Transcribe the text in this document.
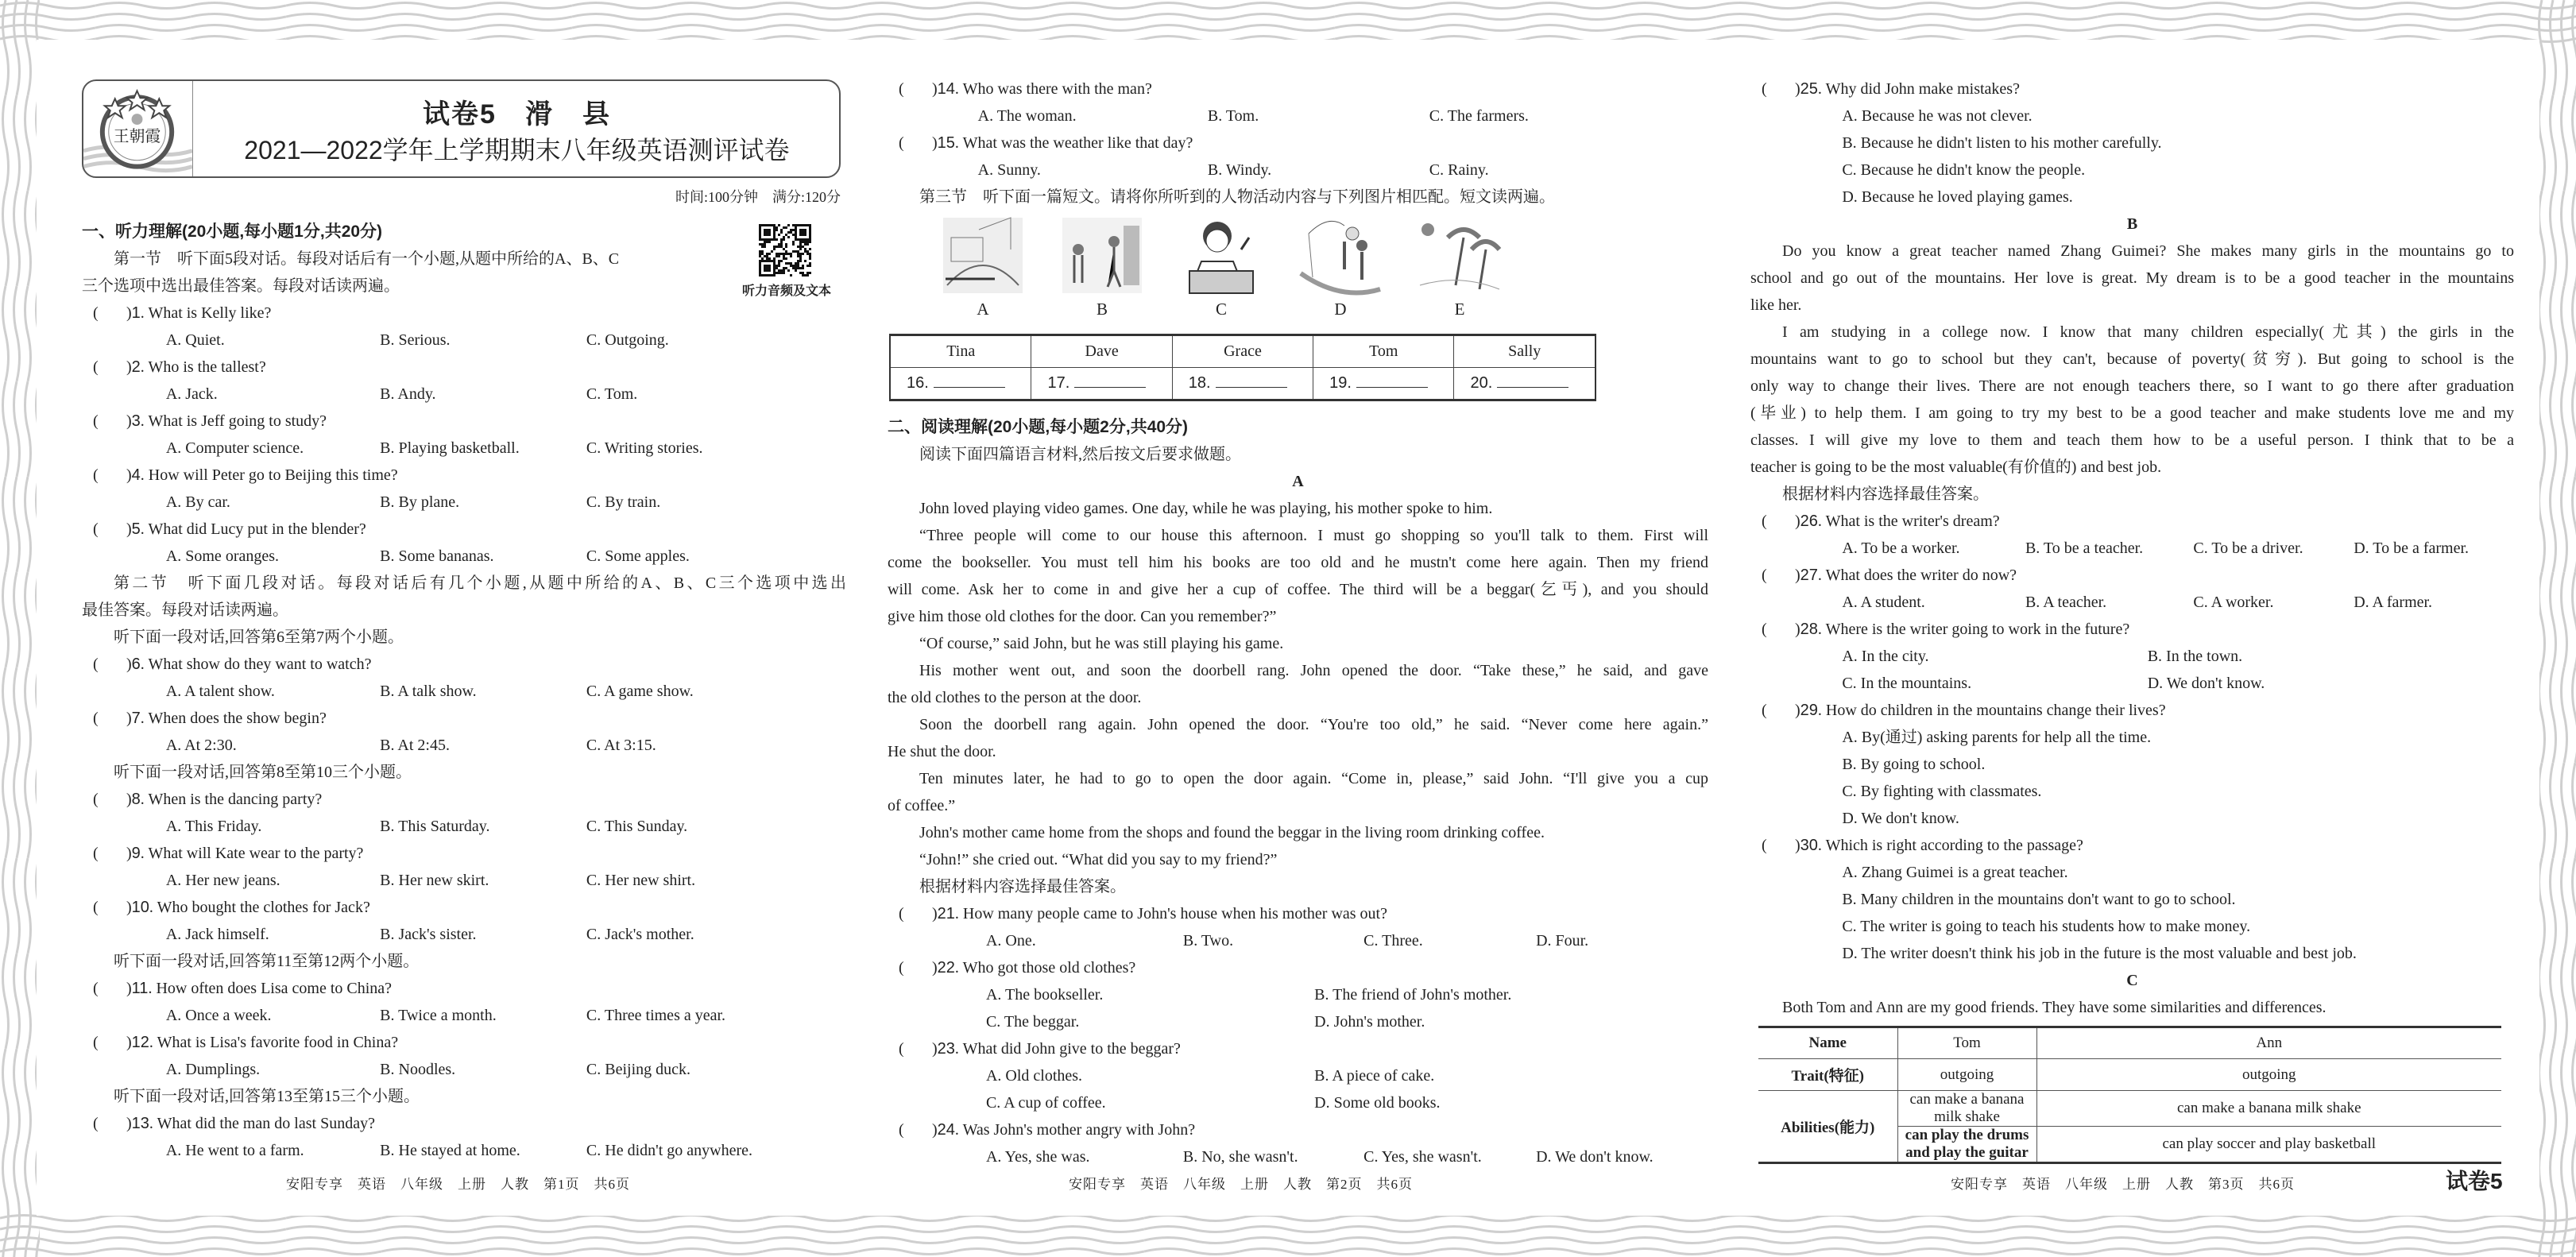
王朝霞
试卷5　滑　县
2021—2022学年上学期期末八年级英语测评试卷
时间:100分钟　满分:120分
听力音频及文本
一、听力理解(20小题,每小题1分,共20分)
第一节　听下面5段对话。每段对话后有一个小题,从题中所给的A、B、C
三个选项中选出最佳答案。每段对话读两遍。
( )1. What is Kelly like?
A. Quiet.	B. Serious.	C. Outgoing.
( )2. Who is the tallest?
A. Jack.	B. Andy.	C. Tom.
( )3. What is Jeff going to study?
A. Computer science.	B. Playing basketball.	C. Writing stories.
( )4. How will Peter go to Beijing this time?
A. By car.	B. By plane.	C. By train.
( )5. What did Lucy put in the blender?
A. Some oranges.	B. Some bananas.	C. Some apples.
第二节　听下面几段对话。每段对话后有几个小题,从题中所给的A、B、C三个选项中选出
最佳答案。每段对话读两遍。
听下面一段对话,回答第6至第7两个小题。
( )6. What show do they want to watch?
A. A talent show.	B. A talk show.	C. A game show.
( )7. When does the show begin?
A. At 2:30.	B. At 2:45.	C. At 3:15.
听下面一段对话,回答第8至第10三个小题。
( )8. When is the dancing party?
A. This Friday.	B. This Saturday.	C. This Sunday.
( )9. What will Kate wear to the party?
A. Her new jeans.	B. Her new skirt.	C. Her new shirt.
( )10. Who bought the clothes for Jack?
A. Jack himself.	B. Jack's sister.	C. Jack's mother.
听下面一段对话,回答第11至第12两个小题。
( )11. How often does Lisa come to China?
A. Once a week.	B. Twice a month.	C. Three times a year.
( )12. What is Lisa's favorite food in China?
A. Dumplings.	B. Noodles.	C. Beijing duck.
听下面一段对话,回答第13至第15三个小题。
( )13. What did the man do last Sunday?
A. He went to a farm.	B. He stayed at home.	C. He didn't go anywhere.
( )14. Who was there with the man?
A. The woman.	B. Tom.	C. The farmers.
( )15. What was the weather like that day?
A. Sunny.	B. Windy.	C. Rainy.
第三节　听下面一篇短文。请将你所听到的人物活动内容与下列图片相匹配。短文读两遍。
A	B	C	D	E
Tina	Dave	Grace	Tom	Sally
16.	17.	18.	19.	20.
二、阅读理解(20小题,每小题2分,共40分)
阅读下面四篇语言材料,然后按文后要求做题。
A
John loved playing video games. One day, while he was playing, his mother spoke to him.
“Three people will come to our house this afternoon. I must go shopping so you'll talk to them. First will
come the bookseller. You must tell him his books are too old and he mustn't come here again. Then my friend
will come. Ask her to come in and give her a cup of coffee. The third will be a beggar(乞丐), and you should
give him those old clothes for the door. Can you remember?”
“Of course,” said John, but he was still playing his game.
His mother went out, and soon the doorbell rang. John opened the door. “Take these,” he said, and gave
the old clothes to the person at the door.
Soon the doorbell rang again. John opened the door. “You're too old,” he said. “Never come here again.”
He shut the door.
Ten minutes later, he had to go to open the door again. “Come in, please,” said John. “I'll give you a cup
of coffee.”
John's mother came home from the shops and found the beggar in the living room drinking coffee.
“John!” she cried out. “What did you say to my friend?”
根据材料内容选择最佳答案。
( )21. How many people came to John's house when his mother was out?
A. One.	B. Two.	C. Three.	D. Four.
( )22. Who got those old clothes?
A. The bookseller.	B. The friend of John's mother.
C. The beggar.	D. John's mother.
( )23. What did John give to the beggar?
A. Old clothes.	B. A piece of cake.
C. A cup of coffee.	D. Some old books.
( )24. Was John's mother angry with John?
A. Yes, she was.	B. No, she wasn't.	C. Yes, she wasn't.	D. We don't know.
( )25. Why did John make mistakes?
A. Because he was not clever.
B. Because he didn't listen to his mother carefully.
C. Because he didn't know the people.
D. Because he loved playing games.
B
Do you know a great teacher named Zhang Guimei? She makes many girls in the mountains go to
school and go out of the mountains. Her love is great. My dream is to be a good teacher in the mountains
like her.
I am studying in a college now. I know that many children especially(尤其) the girls in the
mountains want to go to school but they can't, because of poverty(贫穷). But going to school is the
only way to change their lives. There are not enough teachers there, so I want to go there after graduation
(毕业) to help them. I am going to try my best to be a good teacher and make students love me and my
classes. I will give my love to them and teach them how to be a useful person. I think that to be a
teacher is going to be the most valuable(有价值的) and best job.
根据材料内容选择最佳答案。
( )26. What is the writer's dream?
A. To be a worker.	B. To be a teacher.	C. To be a driver.	D. To be a farmer.
( )27. What does the writer do now?
A. A student.	B. A teacher.	C. A worker.	D. A farmer.
( )28. Where is the writer going to work in the future?
A. In the city.	B. In the town.
C. In the mountains.	D. We don't know.
( )29. How do children in the mountains change their lives?
A. By(通过) asking parents for help all the time.
B. By going to school.
C. By fighting with classmates.
D. We don't know.
( )30. Which is right according to the passage?
A. Zhang Guimei is a great teacher.
B. Many children in the mountains don't want to go to school.
C. The writer is going to teach his students how to make money.
D. The writer doesn't think his job in the future is the most valuable and best job.
C
Both Tom and Ann are my good friends. They have some similarities and differences.
Name	Tom	Ann
Trait(特征)	outgoing	outgoing
Abilities(能力)	can make a banana milk shake	can make a banana milk shake
	can play the drums and play the guitar	can play soccer and play basketball
安阳专享　英语　八年级　上册　人教　第1页　共6页	安阳专享　英语　八年级　上册　人教　第2页　共6页	安阳专享　英语　八年级　上册　人教　第3页　共6页	试卷5
